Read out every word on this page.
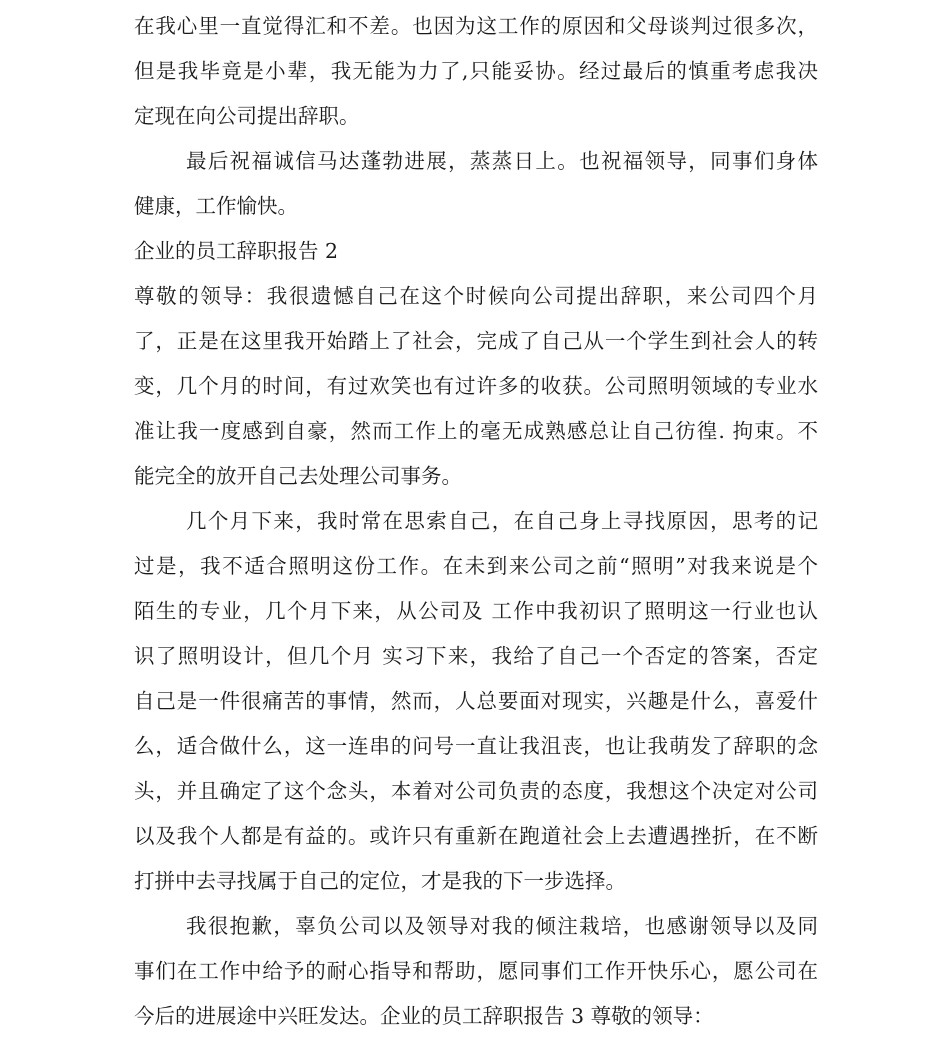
在我心里一直觉得汇和不差。也因为这工作的原因和父母谈判过很多次，
但是我毕竟是小辈，我无能为力了,只能妥协。经过最后的慎重考虑我决
定现在向公司提出辞职。
最后祝福诚信马达蓬勃进展，蒸蒸日上。也祝福领导，同事们身体
健康，工作愉快。
企业的员工辞职报告 2
尊敬的领导：我很遗憾自己在这个时候向公司提出辞职，来公司四个月
了，正是在这里我开始踏上了社会，完成了自己从一个学生到社会人的转
变，几个月的时间，有过欢笑也有过许多的收获。公司照明领域的专业水
准让我一度感到自豪，然而工作上的毫无成熟感总让自己彷徨. 拘束。不
能完全的放开自己去处理公司事务。
几个月下来，我时常在思索自己，在自己身上寻找原因，思考的记
过是，我不适合照明这份工作。在未到来公司之前“照明”对我来说是个
陌生的专业，几个月下来，从公司及 工作中我初识了照明这一行业也认
识了照明设计，但几个月 实习下来，我给了自己一个否定的答案，否定
自己是一件很痛苦的事情，然而，人总要面对现实，兴趣是什么，喜爱什
么，适合做什么，这一连串的问号一直让我沮丧，也让我萌发了辞职的念
头，并且确定了这个念头，本着对公司负责的态度，我想这个决定对公司
以及我个人都是有益的。或许只有重新在跑道社会上去遭遇挫折，在不断
打拼中去寻找属于自己的定位，才是我的下一步选择。
我很抱歉，辜负公司以及领导对我的倾注栽培，也感谢领导以及同
事们在工作中给予的耐心指导和帮助，愿同事们工作开快乐心，愿公司在
今后的进展途中兴旺发达。企业的员工辞职报告 3 尊敬的领导：
